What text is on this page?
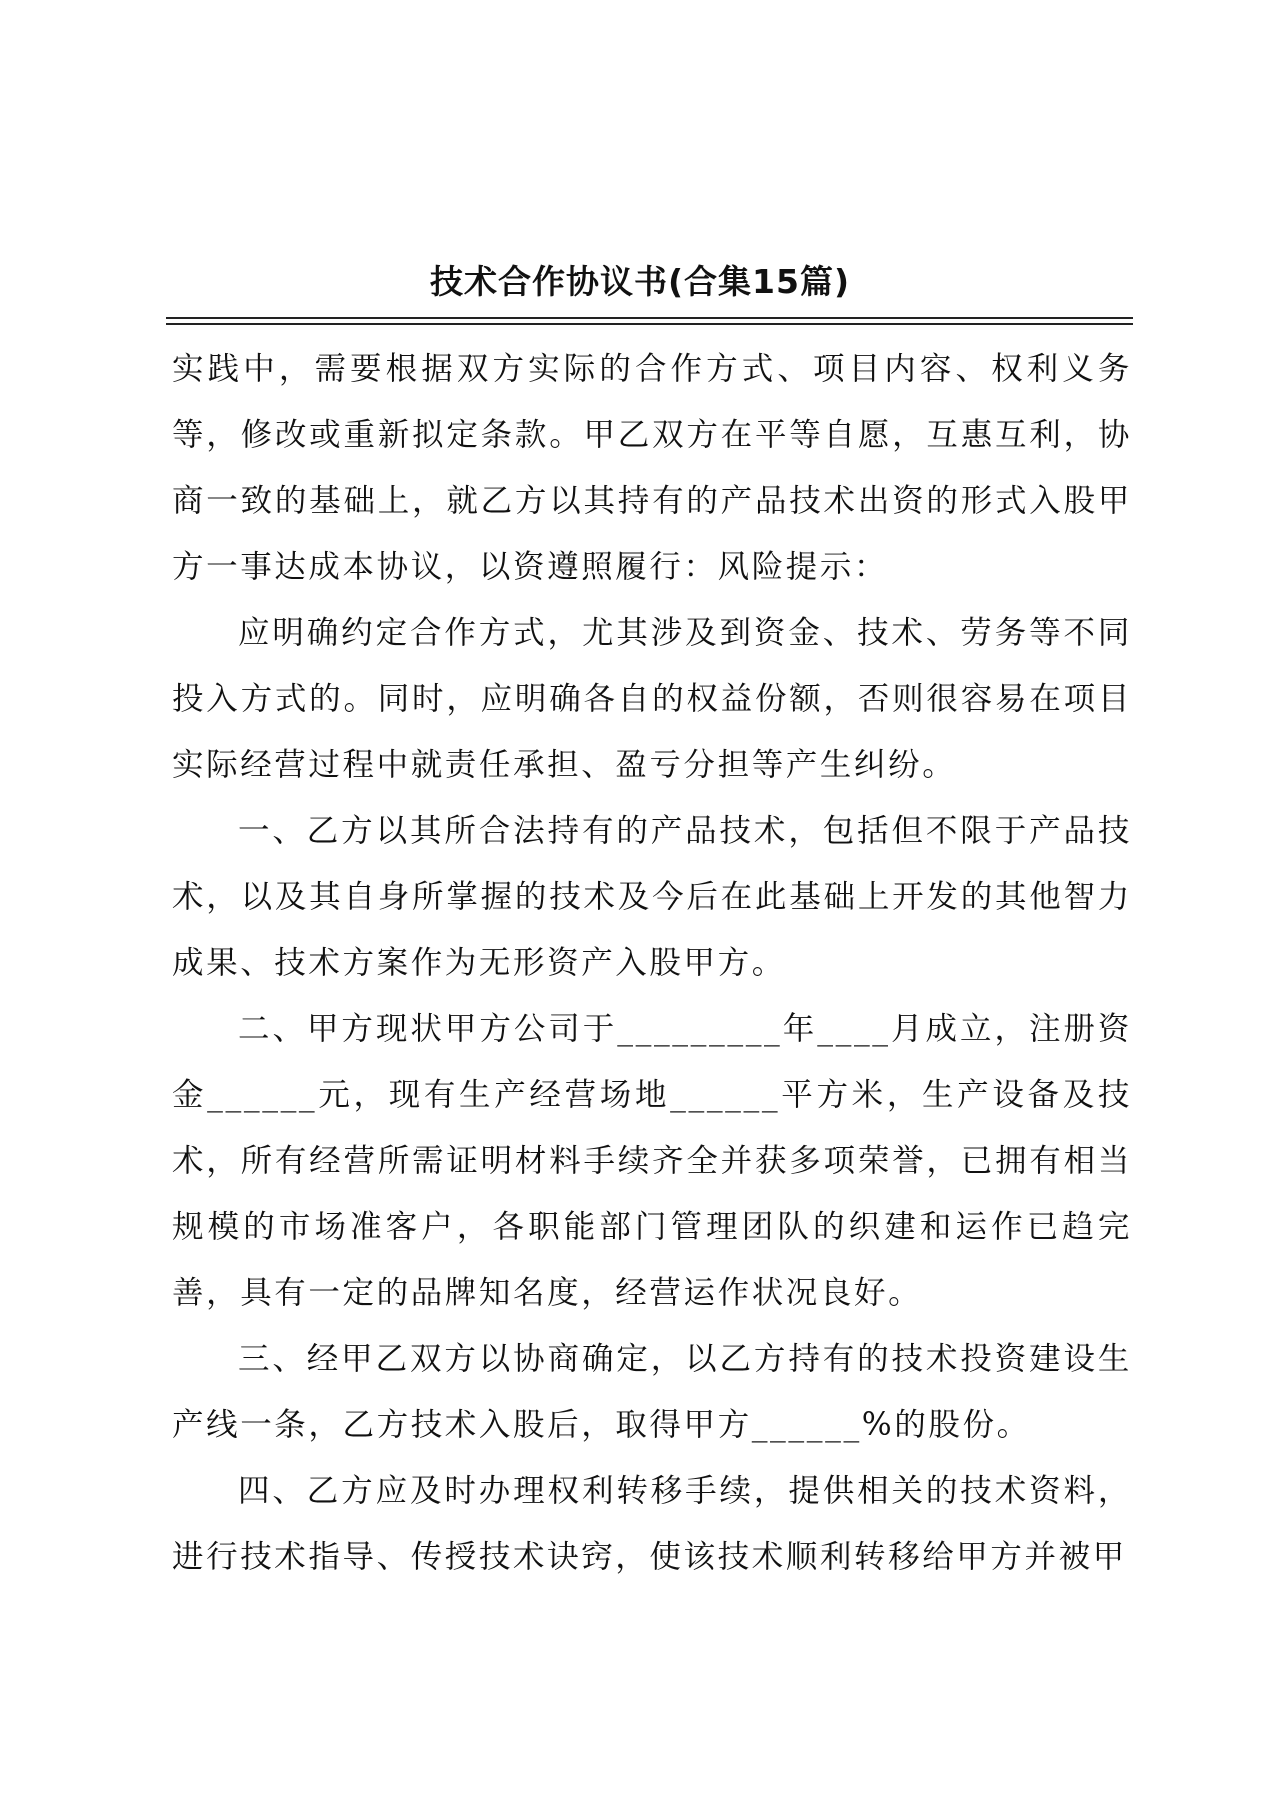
技术合作协议书(合集15篇)

实践中，需要根据双方实际的合作方式、项目内容、权利义务等，修改或重新拟定条款。甲乙双方在平等自愿，互惠互利，协商一致的基础上，就乙方以其持有的产品技术出资的形式入股甲方一事达成本协议，以资遵照履行：风险提示：

应明确约定合作方式，尤其涉及到资金、技术、劳务等不同投入方式的。同时，应明确各自的权益份额，否则很容易在项目实际经营过程中就责任承担、盈亏分担等产生纠纷。

一、乙方以其所合法持有的产品技术，包括但不限于产品技术，以及其自身所掌握的技术及今后在此基础上开发的其他智力成果、技术方案作为无形资产入股甲方。

二、甲方现状甲方公司于_________年____月成立，注册资金______元，现有生产经营场地______平方米，生产设备及技术，所有经营所需证明材料手续齐全并获多项荣誉，已拥有相当规模的市场准客户，各职能部门管理团队的织建和运作已趋完善，具有一定的品牌知名度，经营运作状况良好。

三、经甲乙双方以协商确定，以乙方持有的技术投资建设生产线一条，乙方技术入股后，取得甲方______%的股份。

四、乙方应及时办理权利转移手续，提供相关的技术资料，进行技术指导、传授技术诀窍，使该技术顺利转移给甲方并被甲
